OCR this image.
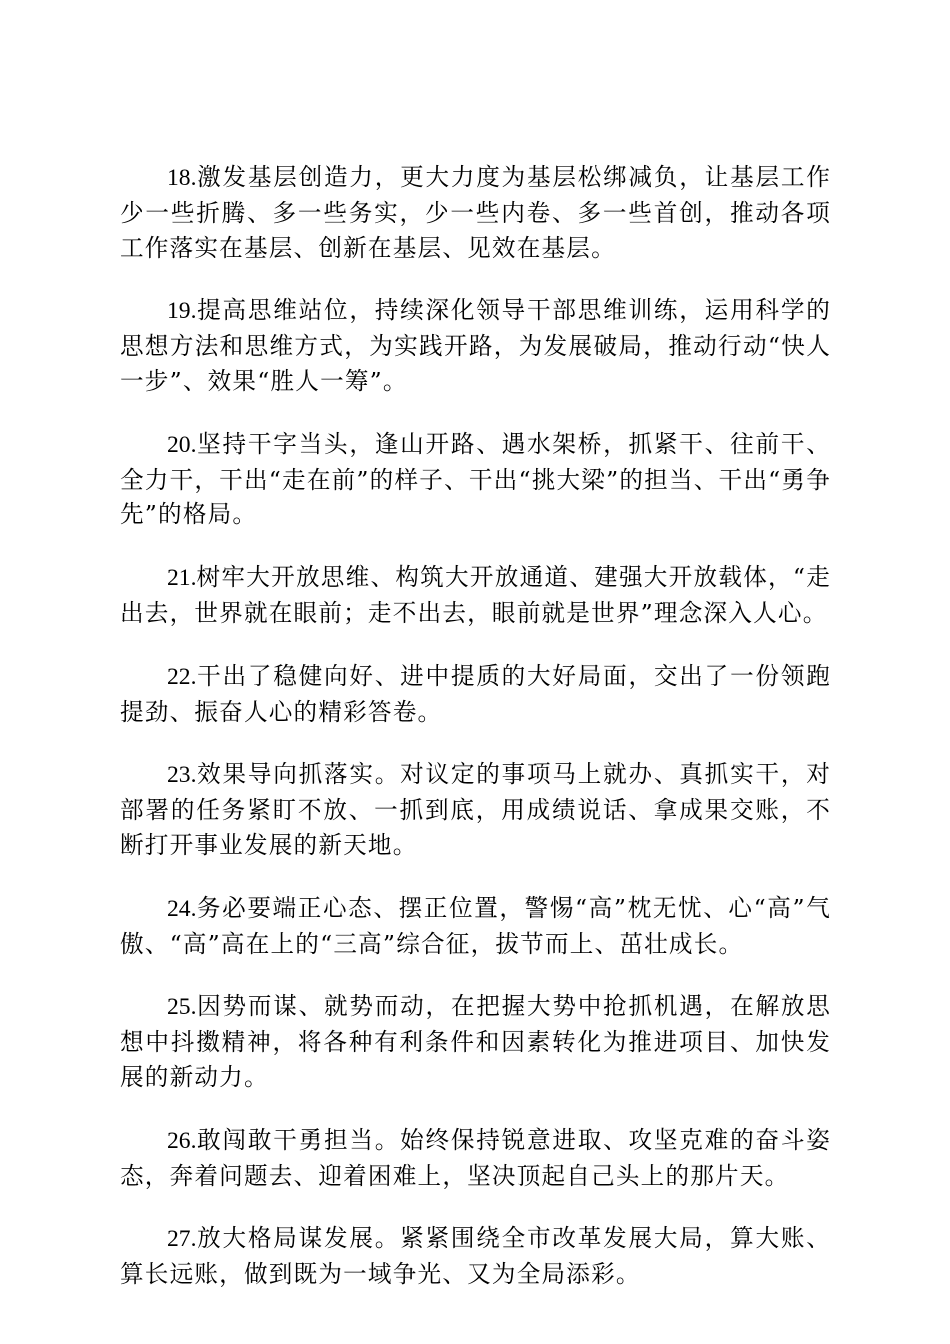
18.激发基层创造力，更大力度为基层松绑减负，让基层工作少一些折腾、多一些务实，少一些内卷、多一些首创，推动各项工作落实在基层、创新在基层、见效在基层。

19.提高思维站位，持续深化领导干部思维训练，运用科学的思想方法和思维方式，为实践开路，为发展破局，推动行动“快人一步”、效果“胜人一筹”。

20.坚持干字当头，逢山开路、遇水架桥，抓紧干、往前干、全力干，干出“走在前”的样子、干出“挑大梁”的担当、干出“勇争先”的格局。

21.树牢大开放思维、构筑大开放通道、建强大开放载体，“走出去，世界就在眼前；走不出去，眼前就是世界”理念深入人心。

22.干出了稳健向好、进中提质的大好局面，交出了一份领跑提劲、振奋人心的精彩答卷。

23.效果导向抓落实。对议定的事项马上就办、真抓实干，对部署的任务紧盯不放、一抓到底，用成绩说话、拿成果交账，不断打开事业发展的新天地。

24.务必要端正心态、摆正位置，警惕“高”枕无忧、心“高”气傲、“高”高在上的“三高”综合征，拔节而上、茁壮成长。

25.因势而谋、就势而动，在把握大势中抢抓机遇，在解放思想中抖擞精神，将各种有利条件和因素转化为推进项目、加快发展的新动力。

26.敢闯敢干勇担当。始终保持锐意进取、攻坚克难的奋斗姿态，奔着问题去、迎着困难上，坚决顶起自己头上的那片天。

27.放大格局谋发展。紧紧围绕全市改革发展大局，算大账、算长远账，做到既为一域争光、又为全局添彩。
